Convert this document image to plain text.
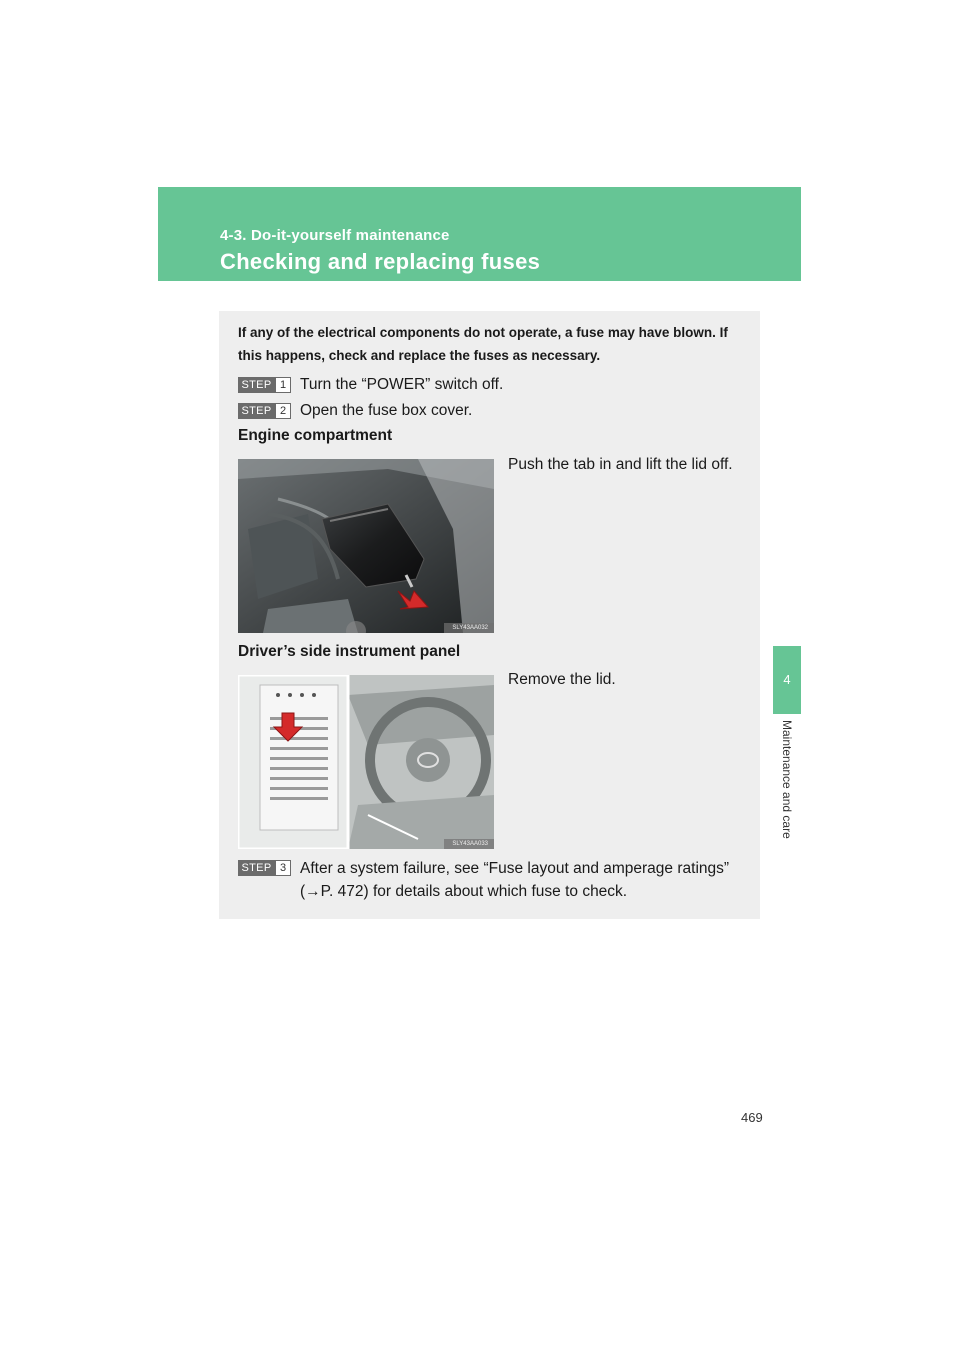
4-3. Do-it-yourself maintenance
Checking and replacing fuses
4
Maintenance and care
If any of the electrical components do not operate, a fuse may have blown. If this happens, check and replace the fuses as necessary.
STEP 1 Turn the “POWER” switch off.
STEP 2 Open the fuse box cover.
Engine compartment
SLY43AA032
Push the tab in and lift the lid off.
Driver’s side instrument panel
SLY43AA033
Remove the lid.
STEP 3 After a system failure, see “Fuse layout and amperage ratings” (→P. 472) for details about which fuse to check.
469
